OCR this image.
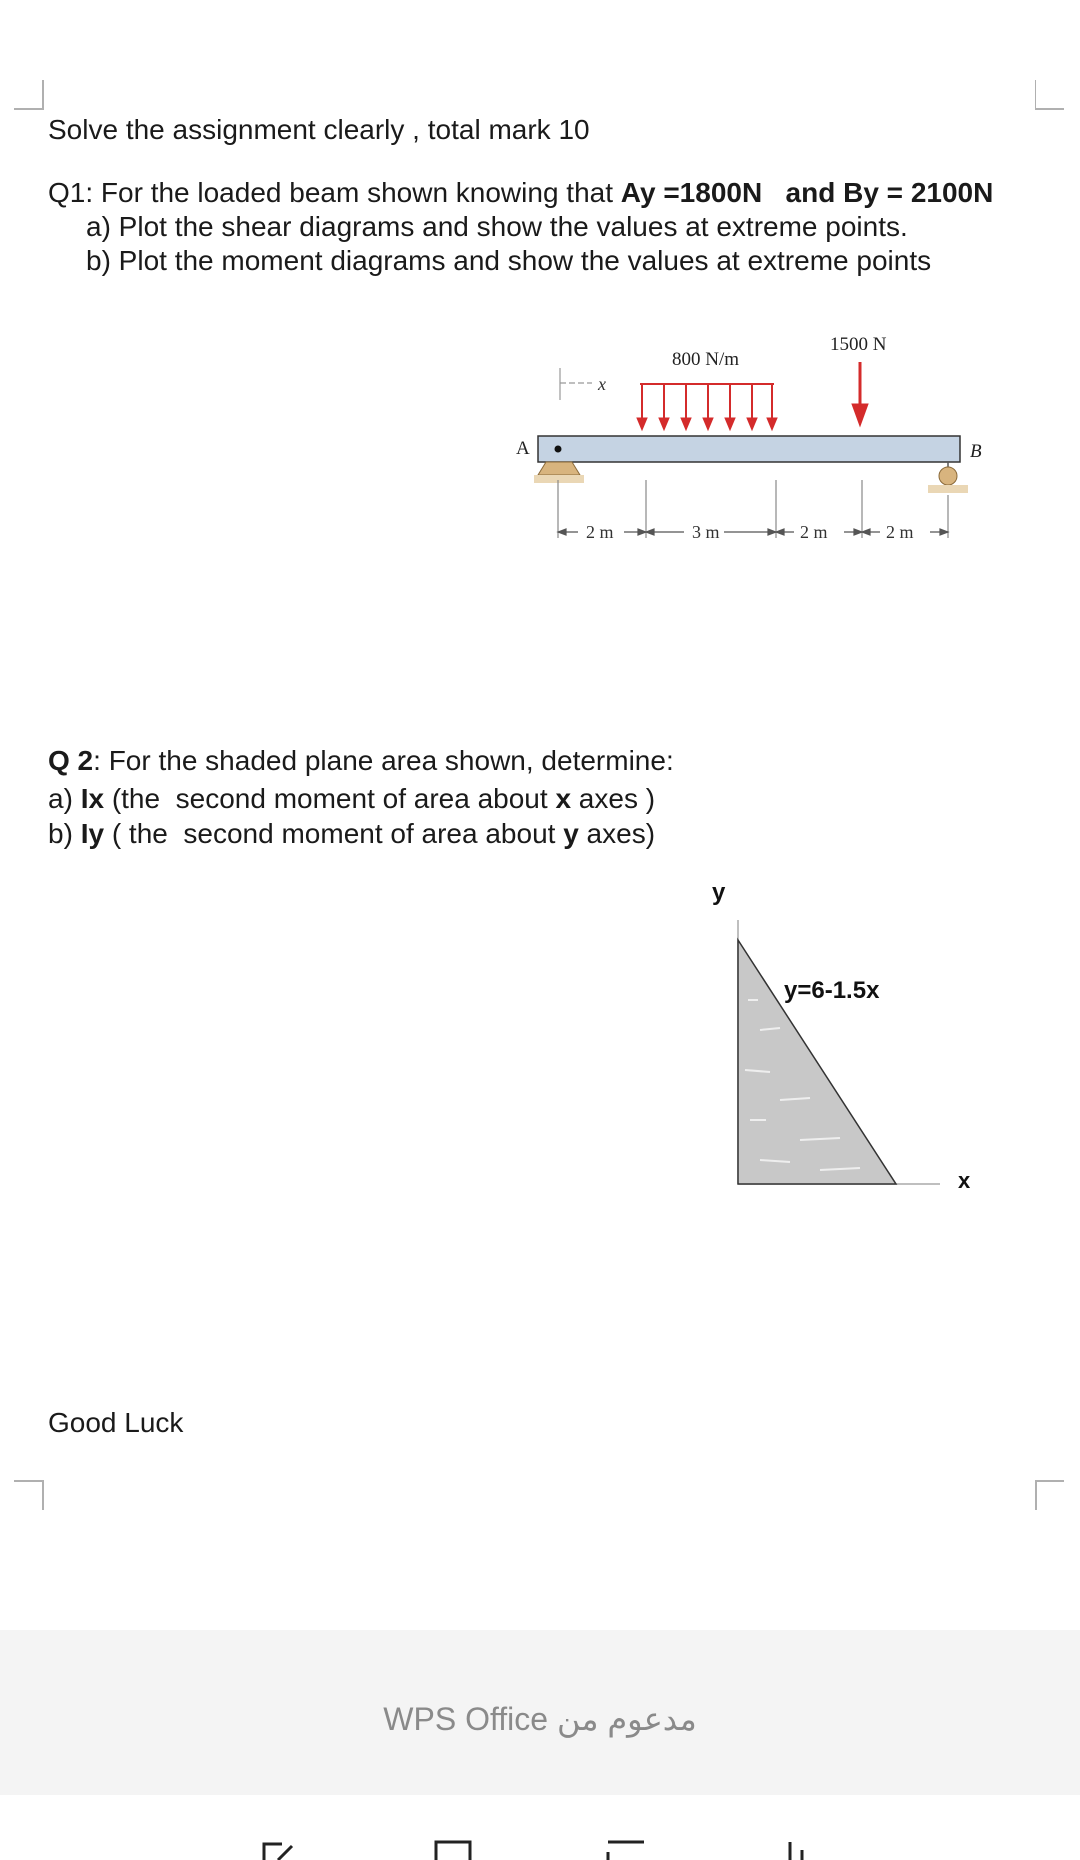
Solve the assignment clearly , total mark 10
Q1: For the loaded beam shown knowing that Ay =1800N   and By = 2100N
a) Plot the shear diagrams and show the values at extreme points.
b) Plot the moment diagrams and show the values at extreme points
800 N/m
1500 N
x
A	B
2 m	3 m	2 m	2 m
Q 2: For the shaded plane area shown, determine:
a) Ix (the  second moment of area about x axes )
b) Iy ( the  second moment of area about y axes)
y
y=6-1.5x
x
Good Luck
WPS Office مدعوم من
